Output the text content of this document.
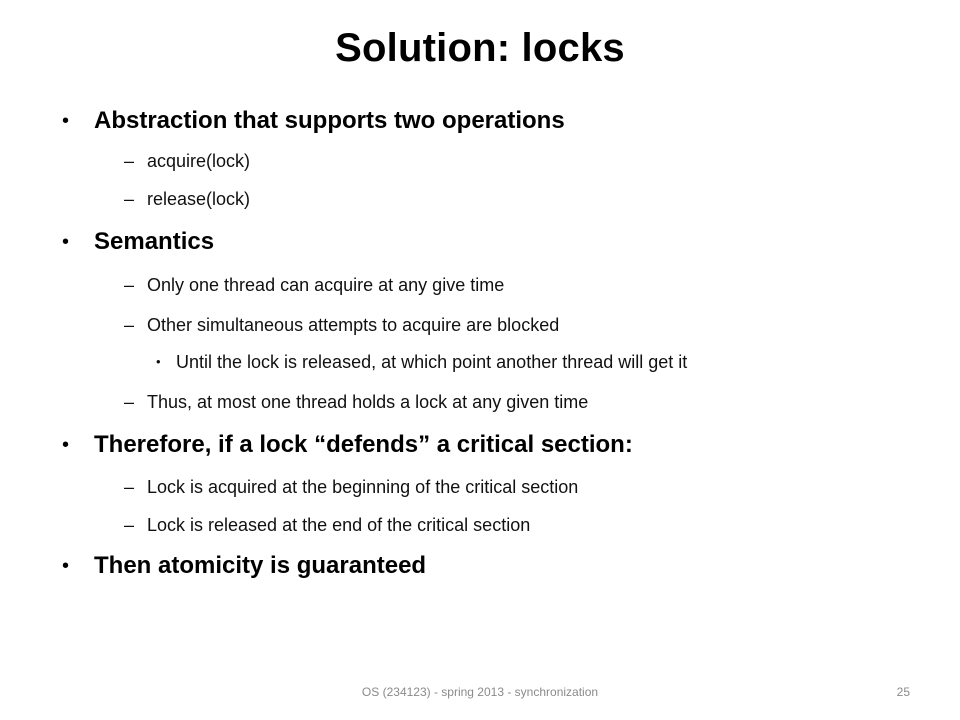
Solution: locks
• Abstraction that supports two operations
– acquire(lock)
– release(lock)
• Semantics
– Only one thread can acquire at any give time
– Other simultaneous attempts to acquire are blocked
• Until the lock is released, at which point another thread will get it
– Thus, at most one thread holds a lock at any given time
• Therefore, if a lock “defends” a critical section:
– Lock is acquired at the beginning of the critical section
– Lock is released at the end of the critical section
• Then atomicity is guaranteed
OS (234123) - spring 2013 - synchronization	25
